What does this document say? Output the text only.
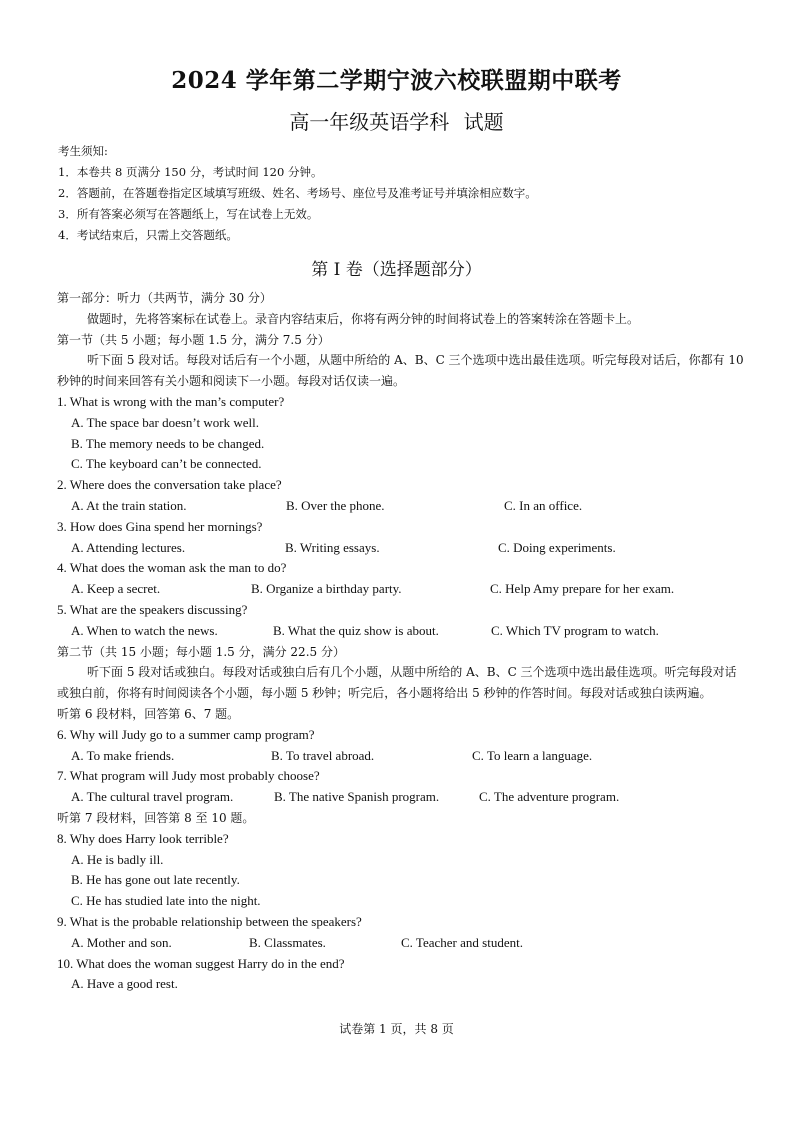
2024 学年第二学期宁波六校联盟期中联考
高一年级英语学科 试题
考生须知:
1．本卷共 8 页满分 150 分，考试时间 120 分钟。
2．答题前，在答题卷指定区域填写班级、姓名、考场号、座位号及准考证号并填涂相应数字。
3．所有答案必须写在答题纸上，写在试卷上无效。
4．考试结束后，只需上交答题纸。
第 I 卷（选择题部分）
第一部分：听力（共两节，满分 30 分）
做题时，先将答案标在试卷上。录音内容结束后，你将有两分钟的时间将试卷上的答案转涂在答题卡上。
第一节（共 5 小题；每小题 1.5 分，满分 7.5 分）
听下面 5 段对话。每段对话后有一个小题，从题中所给的 A、B、C 三个选项中选出最佳选项。听完每段对话后，你都有 10 秒钟的时间来回答有关小题和阅读下一小题。每段对话仅读一遍。
1. What is wrong with the man’s computer?
A. The space bar doesn’t work well.
B. The memory needs to be changed.
C. The keyboard can’t be connected.
2. Where does the conversation take place?
A. At the train station.	B. Over the phone.	C. In an office.
3. How does Gina spend her mornings?
A. Attending lectures.	B. Writing essays.	C. Doing experiments.
4. What does the woman ask the man to do?
A. Keep a secret.	B. Organize a birthday party.	C. Help Amy prepare for her exam.
5. What are the speakers discussing?
A. When to watch the news.	B. What the quiz show is about.	C. Which TV program to watch.
第二节（共 15 小题；每小题 1.5 分，满分 22.5 分）
听下面 5 段对话或独白。每段对话或独白后有几个小题，从题中所给的 A、B、C 三个选项中选出最佳选项。听完每段对话或独白前，你将有时间阅读各个小题，每小题 5 秒钟；听完后，各小题将给出 5 秒钟的作答时间。每段对话或独白读两遍。
听第 6 段材料，回答第 6、7 题。
6. Why will Judy go to a summer camp program?
A. To make friends.	B. To travel abroad.	C. To learn a language.
7. What program will Judy most probably choose?
A. The cultural travel program.	B. The native Spanish program.	C. The adventure program.
听第 7 段材料，回答第 8 至 10 题。
8. Why does Harry look terrible?
A. He is badly ill.
B. He has gone out late recently.
C. He has studied late into the night.
9. What is the probable relationship between the speakers?
A. Mother and son.	B. Classmates.	C. Teacher and student.
10. What does the woman suggest Harry do in the end?
A. Have a good rest.
试卷第 1 页，共 8 页
